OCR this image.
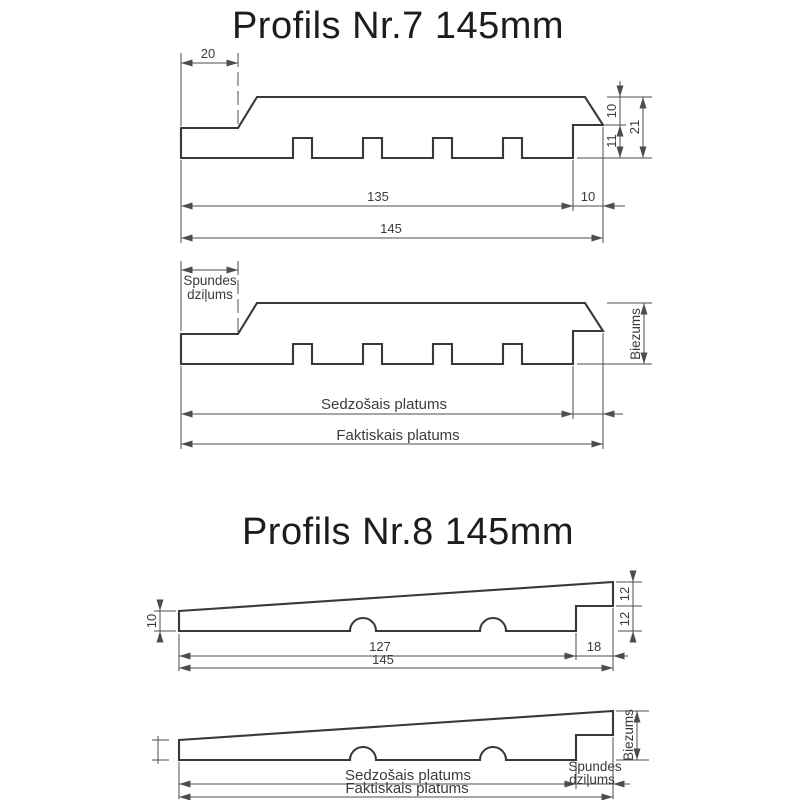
Profils Nr.7 145mm
Profils Nr.8 145mm
20
10
11
21
135	10
145
Spundes
dziļums
Biezums
Sedzošais platums
Faktiskais platums
10
12
12
127	18
145
Biezums
Spundes
dziļums
Sedzošais platums
Faktiskais platums
